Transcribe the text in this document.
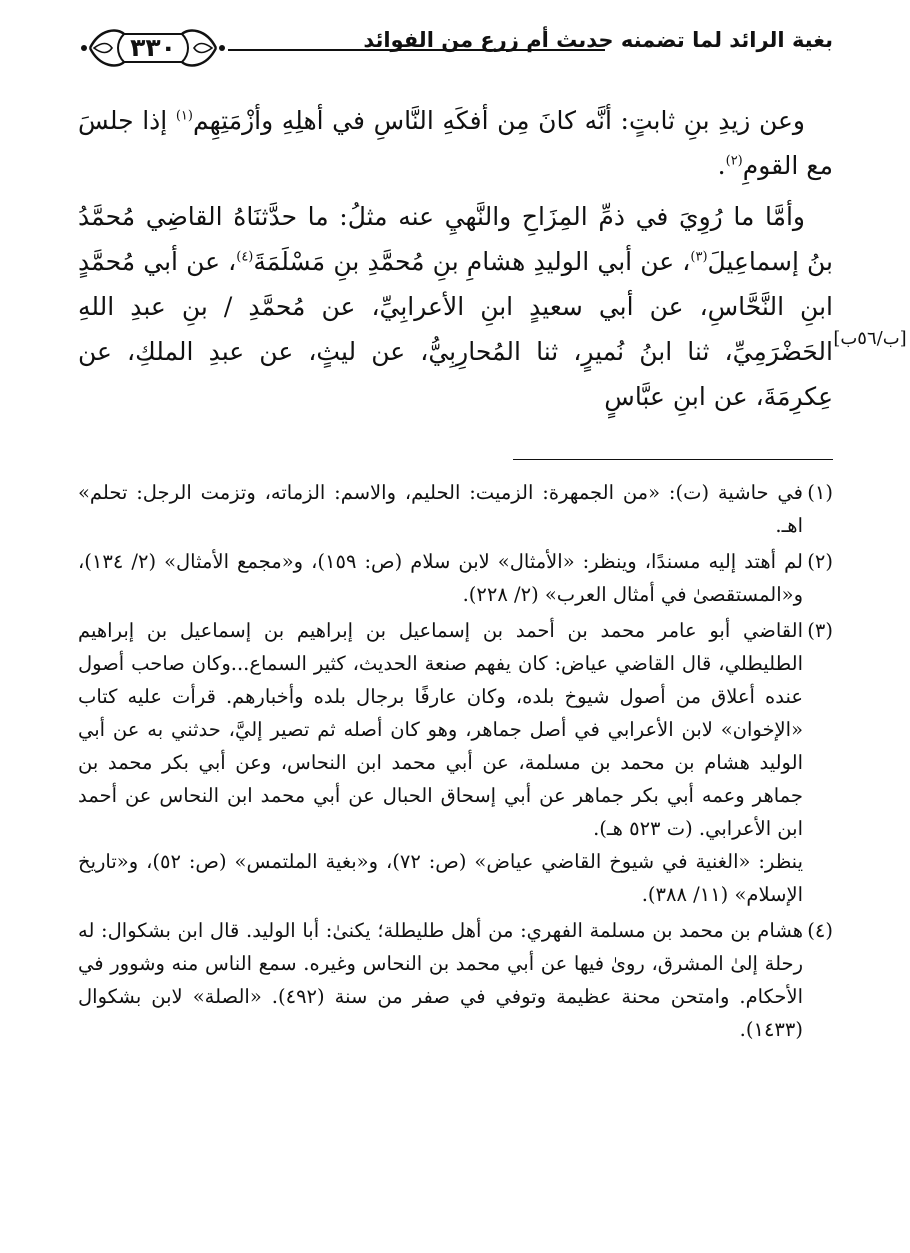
٣٣٠	بغية الرائد لما تضمنه حديث أم زرع من الفوائد

وعن زيدِ بنِ ثابتٍ: أنَّه كانَ مِن أفكَهِ النَّاسِ في أهلِهِ وأزْمَتِهِم$^{(١)}$ إذا جلسَ مع القومِ$^{(٢)}$.

وأمَّا ما رُوِيَ في ذمِّ المِزَاحِ والنَّهيِ عنه مثلُ: ما حدَّثنَاهُ القاضِي مُحمَّدُ بنُ إسماعِيلَ$^{(٣)}$، عن أبي الوليدِ هشامِ بنِ مُحمَّدِ بنِ مَسْلَمَةَ$^{(٤)}$، عن أبي مُحمَّدٍ ابنِ النَّحَّاسِ، عن أبي سعيدٍ ابنِ الأعرابِيِّ، عن مُحمَّدِ / بنِ عبدِ اللهِ الحَضْرَمِيِّ، ثنا ابنُ نُميرٍ، ثنا المُحارِبِيُّ، عن ليثٍ، عن عبدِ الملكِ، عن عِكرِمَةَ، عن ابنِ عبَّاسٍ

[ب/٥٦ب]
(١)
في حاشية (ت): «من الجمهرة: الزميت: الحليم، والاسم: الزماته، وتزمت الرجل: تحلم» اهـ.
(٢)
لم أهتد إليه مسندًا، وينظر: «الأمثال» لابن سلام (ص: ١٥٩)، و«مجمع الأمثال» (٢/ ١٣٤)، و«المستقصىٰ في أمثال العرب» (٢/ ٢٢٨).
(٣)
القاضي أبو عامر محمد بن أحمد بن إسماعيل بن إبراهيم بن إسماعيل بن إبراهيم الطليطلي، قال القاضي عياض: كان يفهم صنعة الحديث، كثير السماع...وكان صاحب أصول عنده أعلاق من أصول شيوخ بلده، وكان عارفًا برجال بلده وأخبارهم. قرأت عليه كتاب «الإخوان» لابن الأعرابي في أصل جماهر، وهو كان أصله ثم تصير إليَّ، حدثني به عن أبي الوليد هشام بن محمد بن مسلمة، عن أبي محمد ابن النحاس، وعن أبي بكر محمد بن جماهر وعمه أبي بكر جماهر عن أبي إسحاق الحبال عن أبي محمد ابن النحاس عن أحمد ابن الأعرابي. (ت ٥٢٣ هـ).
ينظر: «الغنية في شيوخ القاضي عياض» (ص: ٧٢)، و«بغية الملتمس» (ص: ٥٢)، و«تاريخ الإسلام» (١١/ ٣٨٨).
(٤)
هشام بن محمد بن مسلمة الفهري: من أهل طليطلة؛ يكنىٰ: أبا الوليد. قال ابن بشكوال: له رحلة إلىٰ المشرق، روىٰ فيها عن أبي محمد بن النحاس وغيره. سمع الناس منه وشوور في الأحكام. وامتحن محنة عظيمة وتوفي في صفر من سنة (٤٩٢). «الصلة» لابن بشكوال (١٤٣٣).
